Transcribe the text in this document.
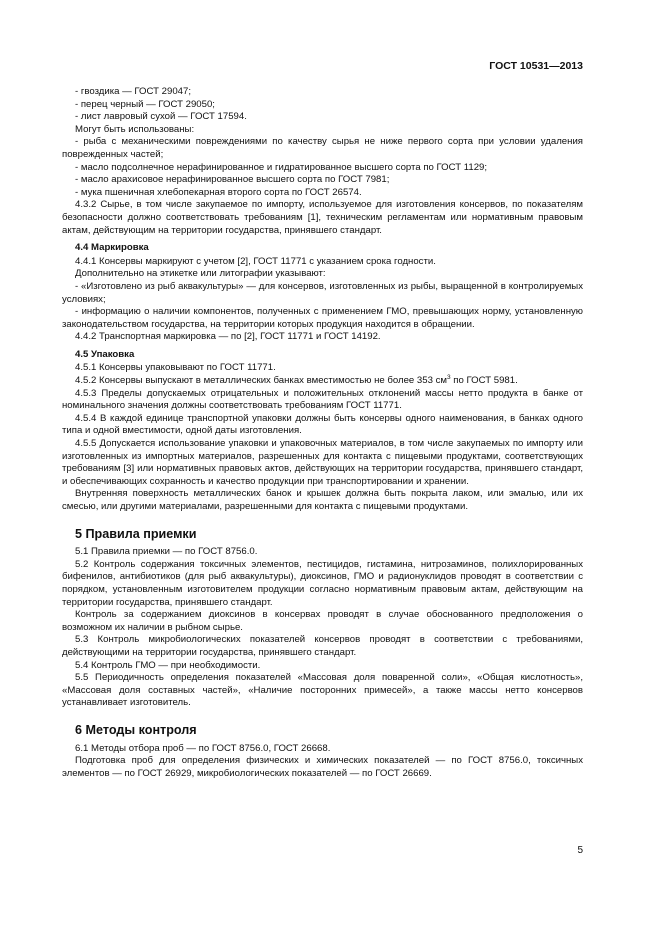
ГОСТ 10531—2013

- гвоздика — ГОСТ 29047;

- перец черный — ГОСТ 29050;

- лист лавровый сухой — ГОСТ 17594.

Могут быть использованы:

- рыба с механическими повреждениями по качеству сырья не ниже первого сорта при условии удаления поврежденных частей;

- масло подсолнечное нерафинированное и гидратированное высшего сорта по ГОСТ 1129;

- масло арахисовое нерафинированное высшего сорта по ГОСТ 7981;

- мука пшеничная хлебопекарная второго сорта по ГОСТ 26574.

4.3.2 Сырье, в том числе закупаемое по импорту, используемое для изготовления консервов, по показателям безопасности должно соответствовать требованиям [1], техническим регламентам или нормативным правовым актам, действующим на территории государства, принявшего стандарт.

4.4 Маркировка

4.4.1 Консервы маркируют с учетом [2], ГОСТ 11771 с указанием срока годности.

Дополнительно на этикетке или литографии указывают:

- «Изготовлено из рыб аквакультуры» — для консервов, изготовленных из рыбы, выращенной в контролируемых условиях;

- информацию о наличии компонентов, полученных с применением ГМО, превышающих норму, установленную законодательством государства, на территории которых продукция находится в обращении.

4.4.2 Транспортная маркировка — по [2], ГОСТ 11771 и ГОСТ 14192.

4.5 Упаковка

4.5.1 Консервы упаковывают по ГОСТ 11771.

4.5.2 Консервы выпускают в металлических банках вместимостью не более 353 $см^3$ по ГОСТ 5981.

4.5.3 Пределы допускаемых отрицательных и положительных отклонений массы нетто продукта в банке от номинального значения должны соответствовать требованиям ГОСТ 11771.

4.5.4 В каждой единице транспортной упаковки должны быть консервы одного наименования, в банках одного типа и одной вместимости, одной даты изготовления.

4.5.5 Допускается использование упаковки и упаковочных материалов, в том числе закупаемых по импорту или изготовленных из импортных материалов, разрешенных для контакта с пищевыми продуктами, соответствующих требованиям [3] или нормативных правовых актов, действующих на территории государства, принявшего стандарт, и обеспечивающих сохранность и качество продукции при транспортировании и хранении.

Внутренняя поверхность металлических банок и крышек должна быть покрыта лаком, или эмалью, или их смесью, или другими материалами, разрешенными для контакта с пищевыми продуктами.

5 Правила приемки

5.1 Правила приемки — по ГОСТ 8756.0.

5.2 Контроль содержания токсичных элементов, пестицидов, гистамина, нитрозаминов, полихлорированных бифенилов, антибиотиков (для рыб аквакультуры), диоксинов, ГМО и радионуклидов проводят в соответствии с порядком, установленным изготовителем продукции согласно нормативным правовым актам, действующим на территории государства, принявшего стандарт.

Контроль за содержанием диоксинов в консервах проводят в случае обоснованного предположения о возможном их наличии в рыбном сырье.

5.3 Контроль микробиологических показателей консервов проводят в соответствии с требованиями, действующими на территории государства, принявшего стандарт.

5.4 Контроль ГМО — при необходимости.

5.5 Периодичность определения показателей «Массовая доля поваренной соли», «Общая кислотность», «Массовая доля составных частей», «Наличие посторонних примесей», а также массы нетто консервов устанавливает изготовитель.

6 Методы контроля

6.1 Методы отбора проб — по ГОСТ 8756.0, ГОСТ 26668.

Подготовка проб для определения физических и химических показателей — по ГОСТ 8756.0, токсичных элементов — по ГОСТ 26929, микробиологических показателей — по ГОСТ 26669.

5
